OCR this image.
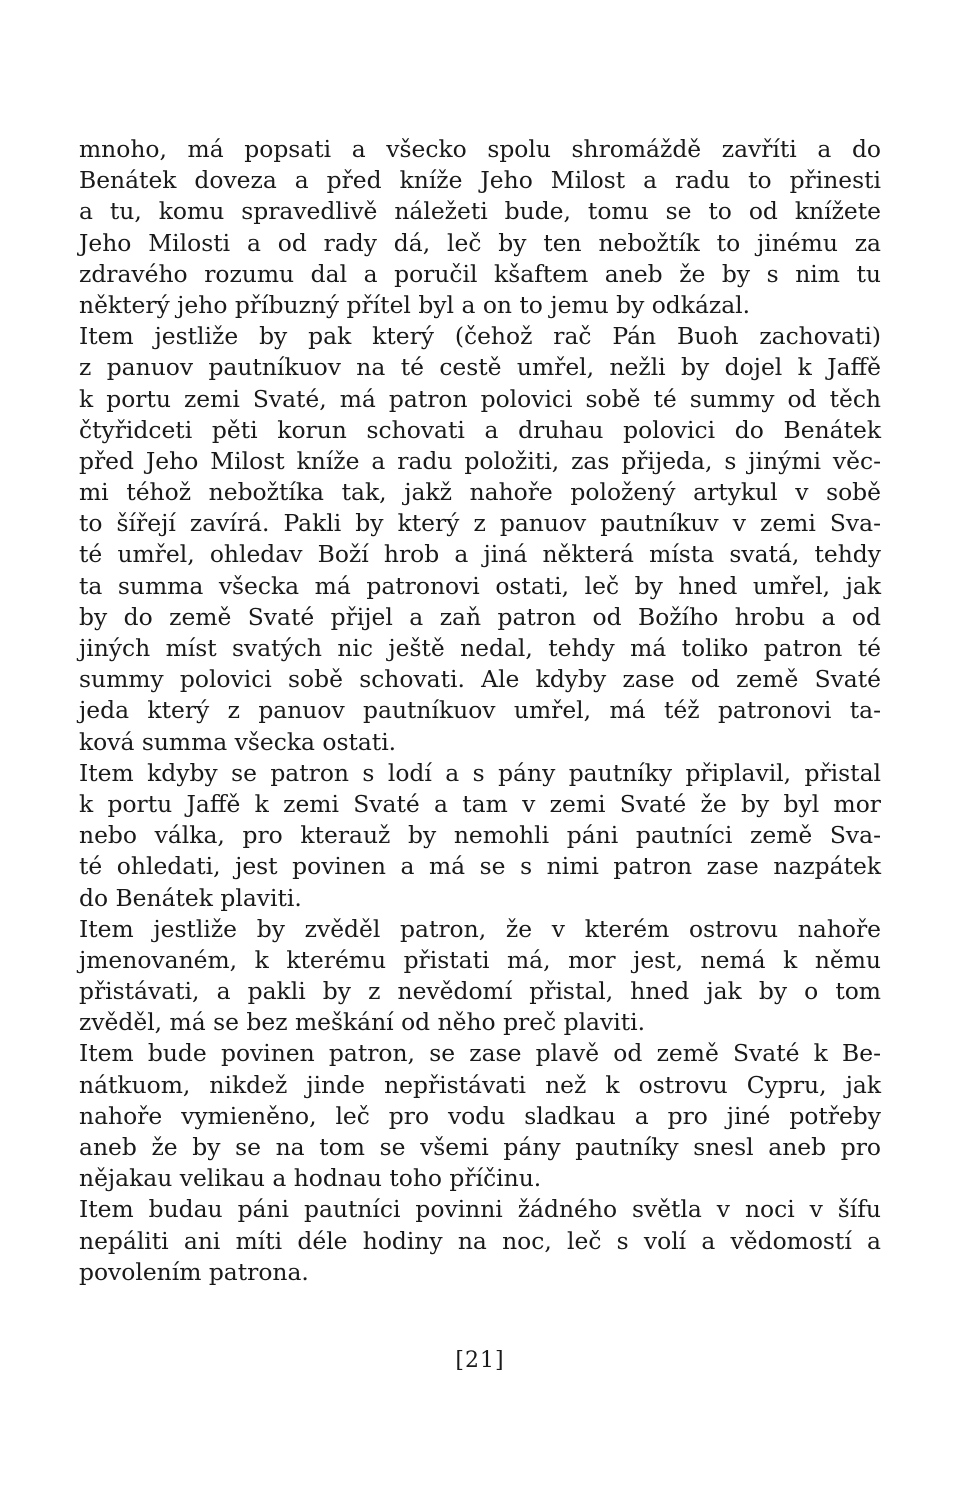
mnoho, má popsati a všecko spolu shromáždě zavříti a do
Benátek doveza a před kníže Jeho Milost a radu to přinesti
a tu, komu spravedlivě náležeti bude, tomu se to od knížete
Jeho Milosti a od rady dá, leč by ten nebožtík to jinému za
zdravého rozumu dal a poručil kšaftem aneb že by s nim tu
některý jeho příbuzný přítel byl a on to jemu by odkázal.
Item jestliže by pak který (čehož rač Pán Buoh zachovati)
z panuov pautníkuov na té cestě umřel, nežli by dojel k Jaffě
k portu zemi Svaté, má patron polovici sobě té summy od těch
čtyřidceti pěti korun schovati a druhau polovici do Benátek
před Jeho Milost kníže a radu položiti, zas přijeda, s jinými věc-
mi téhož nebožtíka tak, jakž nahoře položený artykul v sobě
to šířejí zavírá. Pakli by který z panuov pautníkuv v zemi Sva-
té umřel, ohledav Boží hrob a jiná některá místa svatá, tehdy
ta summa všecka má patronovi ostati, leč by hned umřel, jak
by do země Svaté přijel a zaň patron od Božího hrobu a od
jiných míst svatých nic ještě nedal, tehdy má toliko patron té
summy polovici sobě schovati. Ale kdyby zase od země Svaté
jeda který z panuov pautníkuov umřel, má též patronovi ta-
ková summa všecka ostati.
Item kdyby se patron s lodí a s pány pautníky připlavil, přistal
k portu Jaffě k zemi Svaté a tam v zemi Svaté že by byl mor
nebo válka, pro kterauž by nemohli páni pautníci země Sva-
té ohledati, jest povinen a má se s nimi patron zase nazpátek
do Benátek plaviti.
Item jestliže by zvěděl patron, že v kterém ostrovu nahoře
jmenovaném, k kterému přistati má, mor jest, nemá k němu
přistávati, a pakli by z nevědomí přistal, hned jak by o tom
zvěděl, má se bez meškání od něho preč plaviti.
Item bude povinen patron, se zase plavě od země Svaté k Be-
nátkuom, nikdež jinde nepřistávati než k ostrovu Cypru, jak
nahoře vymieněno, leč pro vodu sladkau a pro jiné potřeby
aneb že by se na tom se všemi pány pautníky snesl aneb pro
nějakau velikau a hodnau toho příčinu.
Item budau páni pautníci povinni žádného světla v noci v šífu
nepáliti ani míti déle hodiny na noc, leč s volí a vědomostí a
povolením patrona.
[21]
